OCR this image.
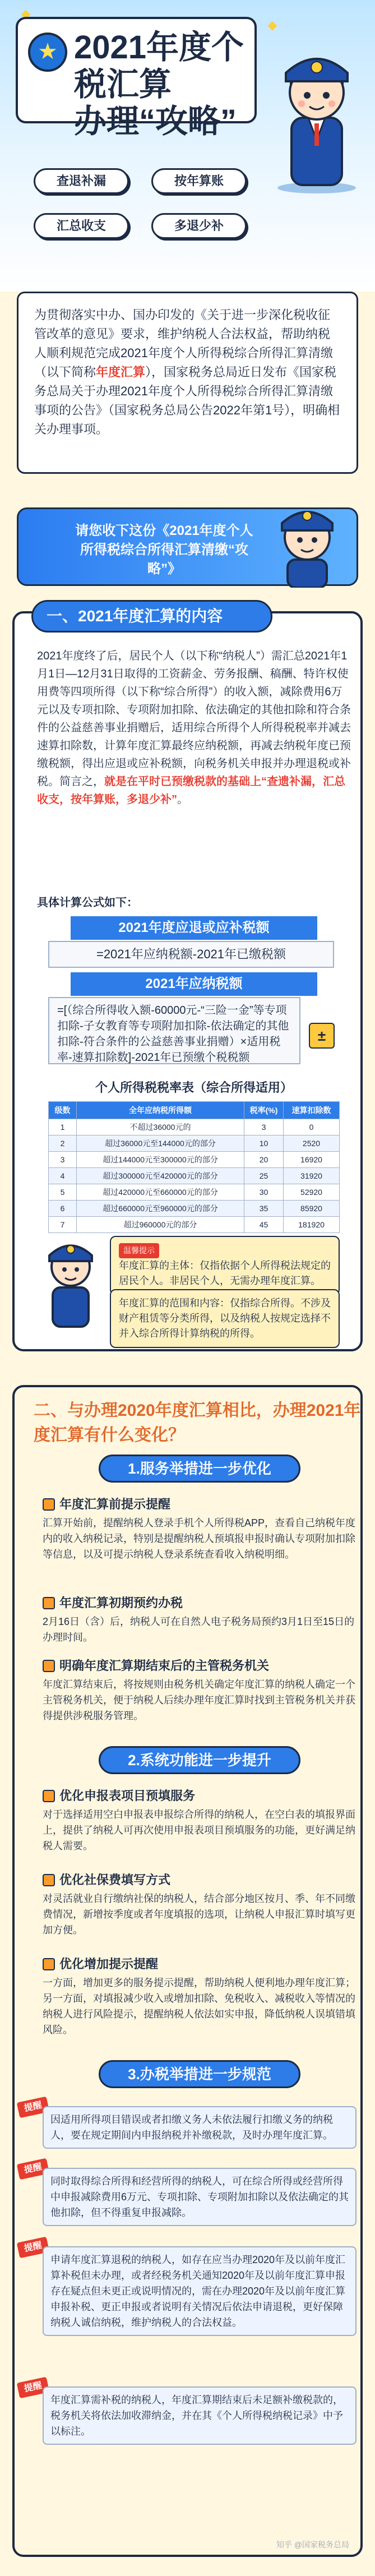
★ 2021年度个税汇算
办理“攻略”
查退补漏	按年算账
汇总收支	多退少补
为贯彻落实中办、国办印发的《关于进一步深化税收征管改革的意见》要求，维护纳税人合法权益，帮助纳税人顺利规范完成2021年度个人所得税综合所得汇算清缴（以下简称年度汇算），国家税务总局近日发布《国家税务总局关于办理2021年度个人所得税综合所得汇算清缴事项的公告》（国家税务总局公告2022年第1号），明确相关办理事项。
请您收下这份《2021年度个人所得税综合所得汇算清缴“攻略”》
一、2021年度汇算的内容
2021年度终了后，居民个人（以下称“纳税人”）需汇总2021年1月1日—12月31日取得的工资薪金、劳务报酬、稿酬、特许权使用费等四项所得（以下称“综合所得”）的收入额，减除费用6万元以及专项扣除、专项附加扣除、依法确定的其他扣除和符合条件的公益慈善事业捐赠后，适用综合所得个人所得税税率并减去速算扣除数，计算年度汇算最终应纳税额，再减去纳税年度已预缴税额，得出应退或应补税额，向税务机关申报并办理退税或补税。简言之，就是在平时已预缴税款的基础上“查遗补漏，汇总收支，按年算账，多退少补”。
具体计算公式如下：
2021年度应退或应补税额
=2021年应纳税额-2021年已缴税额
2021年应纳税额
=[（综合所得收入额-60000元-“三险一金”等专项扣除-子女教育等专项附加扣除-依法确定的其他扣除-符合条件的公益慈善事业捐赠）×适用税率-速算扣除数]-2021年已预缴个税税额
±
个人所得税税率表（综合所得适用）
级数	全年应纳税所得额	税率(%)	速算扣除数
1	不超过36000元的	3	0
2	超过36000元至144000元的部分	10	2520
3	超过144000元至300000元的部分	20	16920
4	超过300000元至420000元的部分	25	31920
5	超过420000元至660000元的部分	30	52920
6	超过660000元至960000元的部分	35	85920
7	超过960000元的部分	45	181920
温馨提示
年度汇算的主体：仅指依据个人所得税法规定的居民个人。非居民个人，无需办理年度汇算。
年度汇算的范围和内容：仅指综合所得。不涉及财产租赁等分类所得，以及纳税人按规定选择不并入综合所得计算纳税的所得。
二、与办理2020年度汇算相比，办理2021年度汇算有什么变化？
1.服务举措进一步优化
年度汇算前提示提醒
汇算开始前，提醒纳税人登录手机个人所得税APP，查看自己纳税年度内的收入纳税记录，特别是提醒纳税人预填报申报时确认专项附加扣除等信息，以及可提示纳税人登录系统查看收入纳税明细。
年度汇算初期预约办税
2月16日（含）后，纳税人可在自然人电子税务局预约3月1日至15日的办理时间。
明确年度汇算期结束后的主管税务机关
年度汇算结束后，将按规则由税务机关确定年度汇算的纳税人确定一个主管税务机关，便于纳税人后续办理年度汇算时找到主管税务机关并获得提供涉税服务管理。
2.系统功能进一步提升
优化申报表项目预填服务
对于选择适用空白申报表申报综合所得的纳税人，在空白表的填报界面上，提供了纳税人可再次使用申报表项目预填服务的功能，更好满足纳税人需要。
优化社保费填写方式
对灵活就业自行缴纳社保的纳税人，结合部分地区按月、季、年不同缴费情况，新增按季度或者年度填报的选项，让纳税人申报汇算时填写更加方便。
优化增加提示提醒
一方面，增加更多的服务提示提醒，帮助纳税人便利地办理年度汇算；另一方面，对填报减少收入或增加扣除、免税收入、减税收入等情况的纳税人进行风险提示，提醒纳税人依法如实申报，降低纳税人误填错填风险。
3.办税举措进一步规范
提醒
因适用所得项目错误或者扣缴义务人未依法履行扣缴义务的纳税人，要在规定期间内申报纳税并补缴税款，及时办理年度汇算。
提醒
同时取得综合所得和经营所得的纳税人，可在综合所得或经营所得中申报减除费用6万元、专项扣除、专项附加扣除以及依法确定的其他扣除，但不得重复申报减除。
提醒
申请年度汇算退税的纳税人，如存在应当办理2020年及以前年度汇算补税但未办理，或者经税务机关通知2020年及以前年度汇算申报存在疑点但未更正或说明情况的，需在办理2020年及以前年度汇算申报补税、更正申报或者说明有关情况后依法申请退税，更好保障纳税人诚信纳税，维护纳税人的合法权益。
提醒
年度汇算需补税的纳税人，年度汇算期结束后未足额补缴税款的，税务机关将依法加收滞纳金，并在其《个人所得税纳税记录》中予以标注。
知乎 @国家税务总局
